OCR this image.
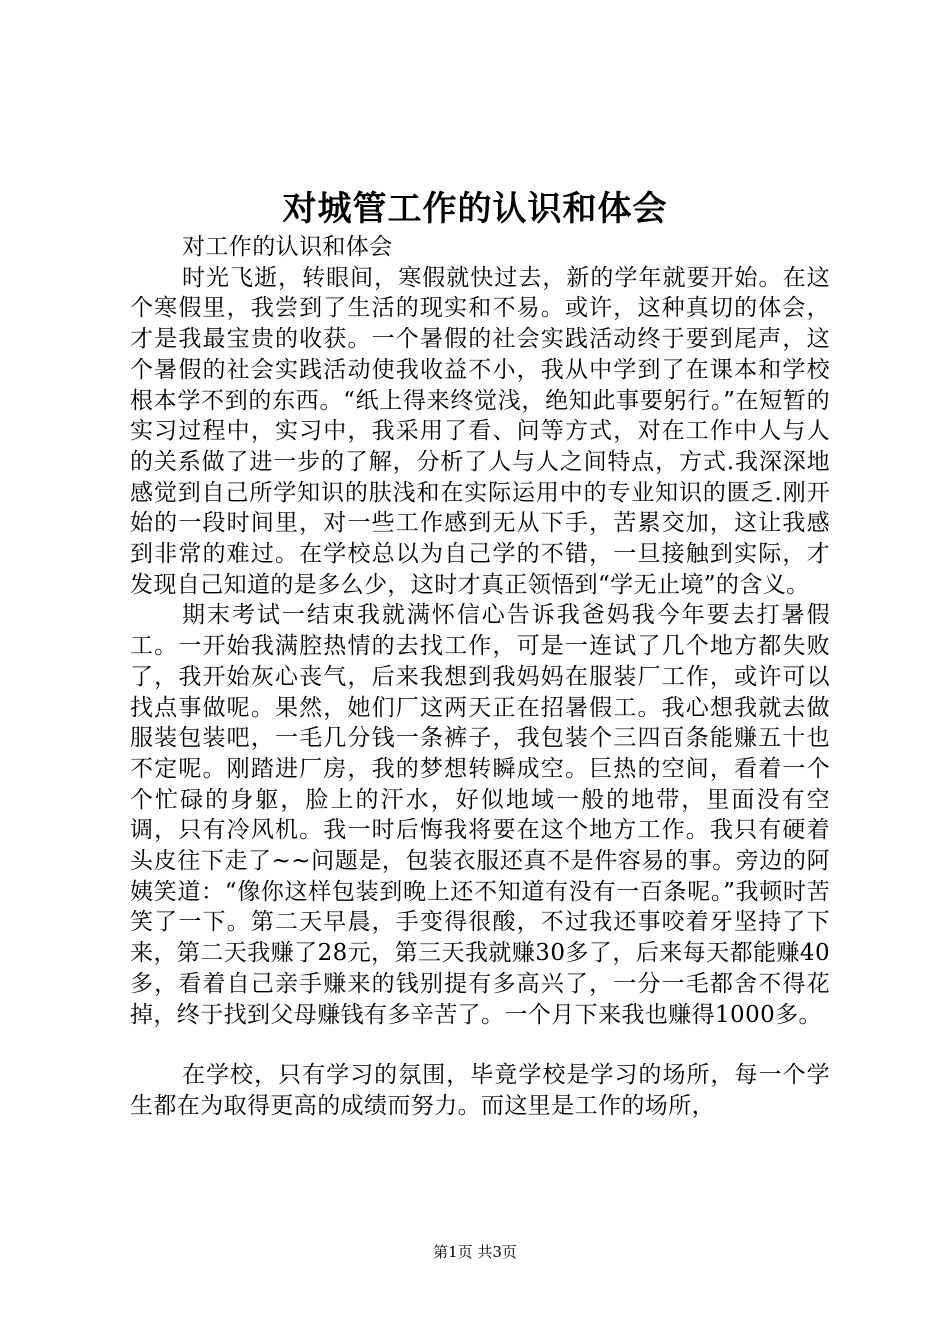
对城管工作的认识和体会

对工作的认识和体会

时光飞逝，转眼间，寒假就快过去，新的学年就要开始。在这个寒假里，我尝到了生活的现实和不易。或许，这种真切的体会，才是我最宝贵的收获。一个暑假的社会实践活动终于要到尾声，这个暑假的社会实践活动使我收益不小，我从中学到了在课本和学校根本学不到的东西。“纸上得来终觉浅，绝知此事要躬行。”在短暂的实习过程中，实习中，我采用了看、问等方式，对在工作中人与人的关系做了进一步的了解，分析了人与人之间特点，方式.我深深地感觉到自己所学知识的肤浅和在实际运用中的专业知识的匮乏.刚开始的一段时间里，对一些工作感到无从下手，苦累交加，这让我感到非常的难过。在学校总以为自己学的不错，一旦接触到实际，才发现自己知道的是多么少，这时才真正领悟到“学无止境”的含义。

期末考试一结束我就满怀信心告诉我爸妈我今年要去打暑假工。一开始我满腔热情的去找工作，可是一连试了几个地方都失败了，我开始灰心丧气，后来我想到我妈妈在服装厂工作，或许可以找点事做呢。果然，她们厂这两天正在招暑假工。我心想我就去做服装包装吧，一毛几分钱一条裤子，我包装个三四百条能赚五十也不定呢。刚踏进厂房，我的梦想转瞬成空。巨热的空间，看着一个个忙碌的身躯，脸上的汗水，好似地域一般的地带，里面没有空调，只有冷风机。我一时后悔我将要在这个地方工作。我只有硬着头皮往下走了~~问题是，包装衣服还真不是件容易的事。旁边的阿姨笑道：“像你这样包装到晚上还不知道有没有一百条呢。”我顿时苦笑了一下。第二天早晨，手变得很酸，不过我还事咬着牙坚持了下来，第二天我赚了28元，第三天我就赚30多了，后来每天都能赚40多，看着自己亲手赚来的钱别提有多高兴了，一分一毛都舍不得花掉，终于找到父母赚钱有多辛苦了。一个月下来我也赚得1000多。

在学校，只有学习的氛围，毕竟学校是学习的场所，每一个学生都在为取得更高的成绩而努力。而这里是工作的场所，

第1页 共3页
